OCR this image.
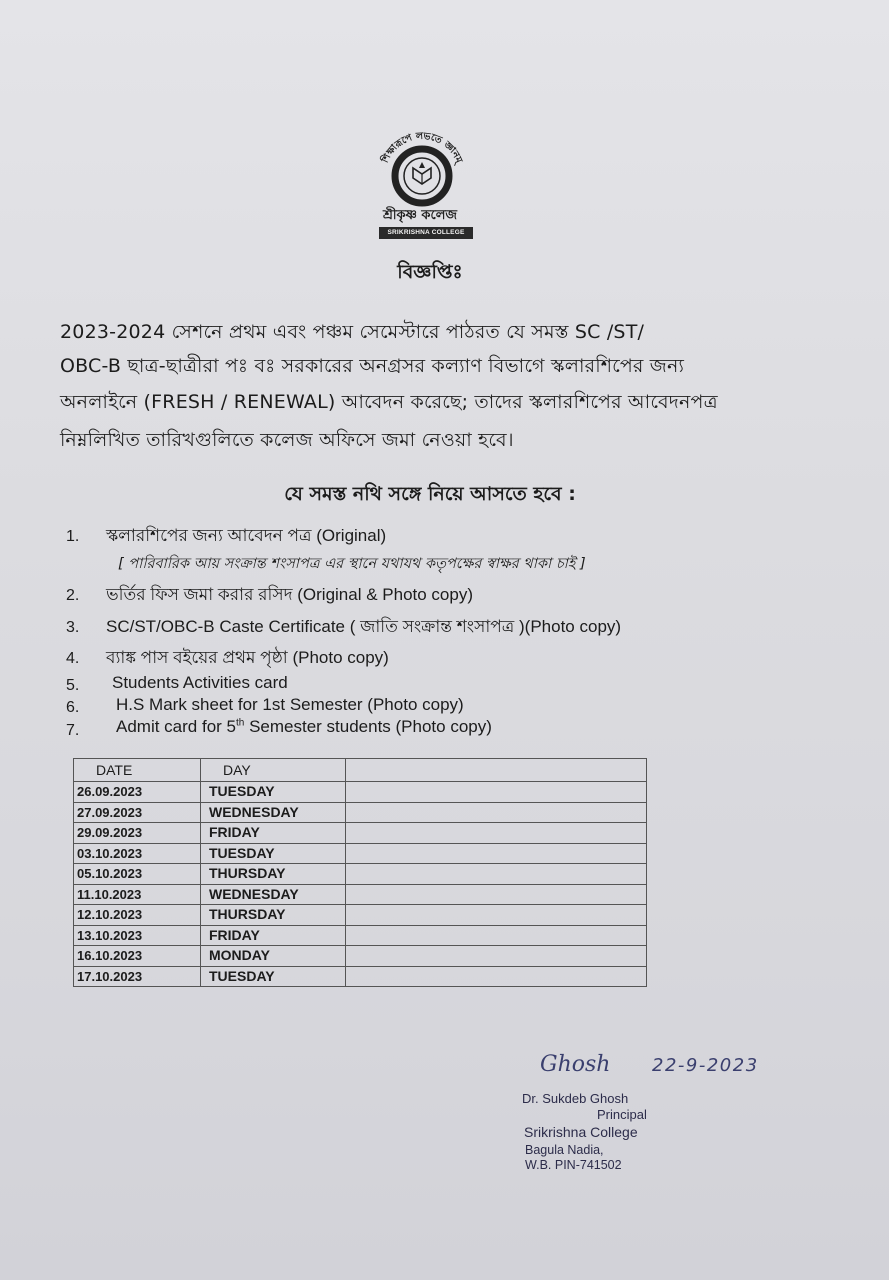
শিক্ষারূপে লভতে জ্ঞানম্
শ্রীকৃষ্ণ কলেজ
SRIKRISHNA COLLEGE
বিজ্ঞপ্তিঃ
2023-2024 সেশনে প্রথম এবং পঞ্চম সেমেস্টারে পাঠরত যে সমস্ত SC /ST/
OBC-B ছাত্র-ছাত্রীরা পঃ বঃ সরকারের অনগ্রসর কল্যাণ বিভাগে স্কলারশিপের জন্য
অনলাইনে (FRESH / RENEWAL) আবেদন করেছে; তাদের স্কলারশিপের আবেদনপত্র
নিম্নলিখিত তারিখগুলিতে কলেজ অফিসে জমা নেওয়া হবে।
যে সমস্ত নথি সঙ্গে নিয়ে আসতে হবে :
1. স্কলারশিপের জন্য আবেদন পত্র (Original)
[ পারিবারিক আয় সংক্রান্ত শংসাপত্র এর স্থানে যথাযথ কতৃপক্ষের স্বাক্ষর থাকা চাই ]
2. ভর্তির ফিস জমা করার রসিদ (Original & Photo copy)
3. SC/ST/OBC-B Caste Certificate ( জাতি সংক্রান্ত শংসাপত্র )(Photo copy)
4. ব্যাঙ্ক পাস বইয়ের প্রথম পৃষ্ঠা (Photo copy)
5. Students Activities card
6. H.S Mark sheet for 1st Semester (Photo copy)
7. Admit card for 5th Semester students (Photo copy)
DATE	DAY	
26.09.2023	TUESDAY	
27.09.2023	WEDNESDAY	
29.09.2023	FRIDAY	
03.10.2023	TUESDAY	
05.10.2023	THURSDAY	
11.10.2023	WEDNESDAY	
12.10.2023	THURSDAY	
13.10.2023	FRIDAY	
16.10.2023	MONDAY	
17.10.2023	TUESDAY	
Ghosh 22-9-2023
Dr. Sukdeb Ghosh
Principal
Srikrishna College
Bagula Nadia,
W.B. PIN-741502
